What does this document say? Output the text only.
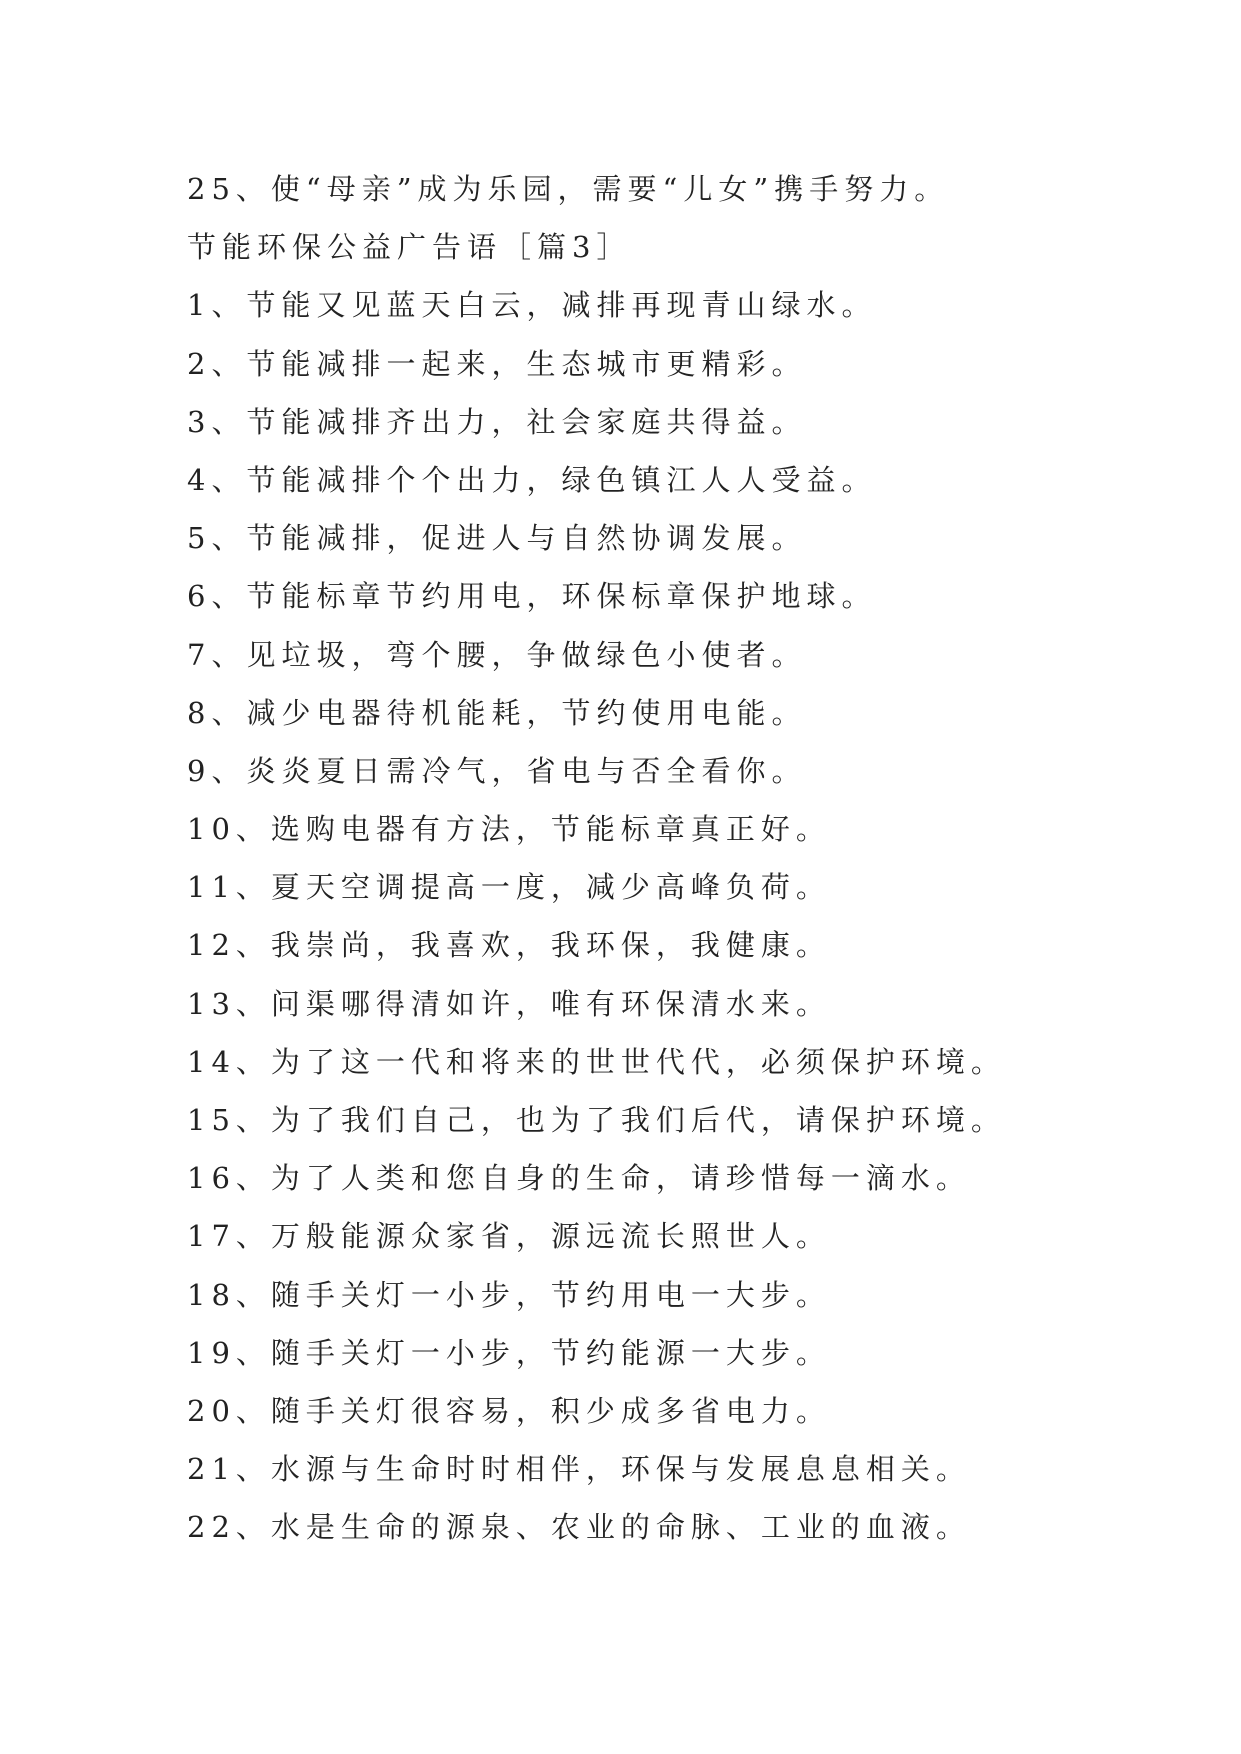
25、使“母亲”成为乐园，需要“儿女”携手努力。
节能环保公益广告语［篇3］
1、节能又见蓝天白云，减排再现青山绿水。
2、节能减排一起来，生态城市更精彩。
3、节能减排齐出力，社会家庭共得益。
4、节能减排个个出力，绿色镇江人人受益。
5、节能减排，促进人与自然协调发展。
6、节能标章节约用电，环保标章保护地球。
7、见垃圾，弯个腰，争做绿色小使者。
8、减少电器待机能耗，节约使用电能。
9、炎炎夏日需冷气，省电与否全看你。
10、选购电器有方法，节能标章真正好。
11、夏天空调提高一度，减少高峰负荷。
12、我崇尚，我喜欢，我环保，我健康。
13、问渠哪得清如许，唯有环保清水来。
14、为了这一代和将来的世世代代，必须保护环境。
15、为了我们自己，也为了我们后代，请保护环境。
16、为了人类和您自身的生命，请珍惜每一滴水。
17、万般能源众家省，源远流长照世人。
18、随手关灯一小步，节约用电一大步。
19、随手关灯一小步，节约能源一大步。
20、随手关灯很容易，积少成多省电力。
21、水源与生命时时相伴，环保与发展息息相关。
22、水是生命的源泉、农业的命脉、工业的血液。
